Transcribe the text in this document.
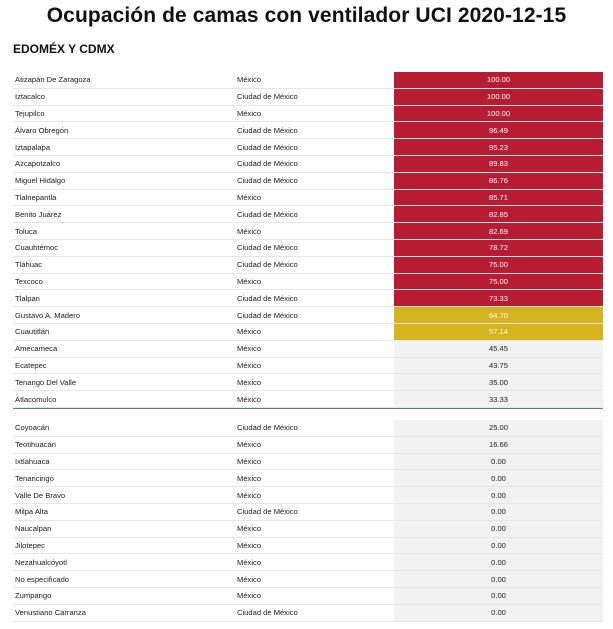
Ocupación de camas con ventilador UCI 2020-12-15
EDOMÉX Y CDMX
Atizapán De Zaragoza	México	100.00
Iztacalco	Ciudad de México	100.00
Tejupilco	México	100.00
Álvaro Obregón	Ciudad de México	96.49
Iztapalapa	Ciudad de México	95.23
Azcapotzalco	Ciudad de México	89.83
Miguel Hidalgo	Ciudad de México	86.76
Tlalnepantla	México	85.71
Benito Juárez	Ciudad de México	82.85
Toluca	México	82.69
Cuauhtémoc	Ciudad de México	78.72
Tláhuac	Ciudad de México	75.00
Texcoco	México	75.00
Tlalpan	Ciudad de México	73.33
Gustavo A. Madero	Ciudad de México	64.70
Cuautitlán	México	57.14
Amecameca	México	45.45
Ecatepec	México	43.75
Tenango Del Valle	México	35.00
Atlacomulco	México	33.33
Coyoacán	Ciudad de México	25.00
Teotihuacán	México	16.66
Ixtlahuaca	México	0.00
Tenancingo	México	0.00
Valle De Bravo	México	0.00
Milpa Alta	Ciudad de México	0.00
Naucalpan	México	0.00
Jilotepec	México	0.00
Nezahualcóyotl	México	0.00
No especificado	México	0.00
Zumpango	México	0.00
Venustiano Carranza	Ciudad de México	0.00
